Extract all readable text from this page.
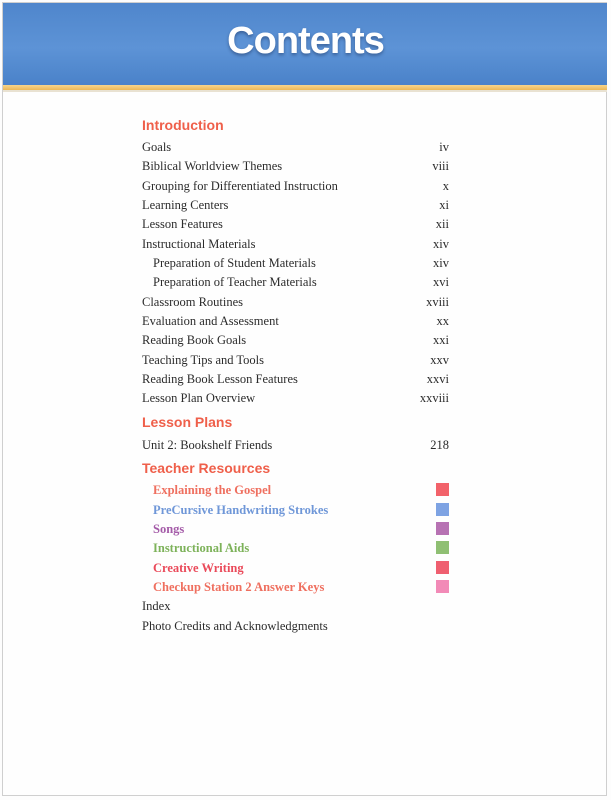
Contents
Introduction
Goals	iv
Biblical Worldview Themes	viii
Grouping for Differentiated Instruction	x
Learning Centers	xi
Lesson Features	xii
Instructional Materials	xiv
Preparation of Student Materials	xiv
Preparation of Teacher Materials	xvi
Classroom Routines	xviii
Evaluation and Assessment	xx
Reading Book Goals	xxi
Teaching Tips and Tools	xxv
Reading Book Lesson Features	xxvi
Lesson Plan Overview	xxviii
Lesson Plans
Unit 2: Bookshelf Friends	218
Teacher Resources
Explaining the Gospel
PreCursive Handwriting Strokes
Songs
Instructional Aids
Creative Writing
Checkup Station 2 Answer Keys
Index
Photo Credits and Acknowledgments
